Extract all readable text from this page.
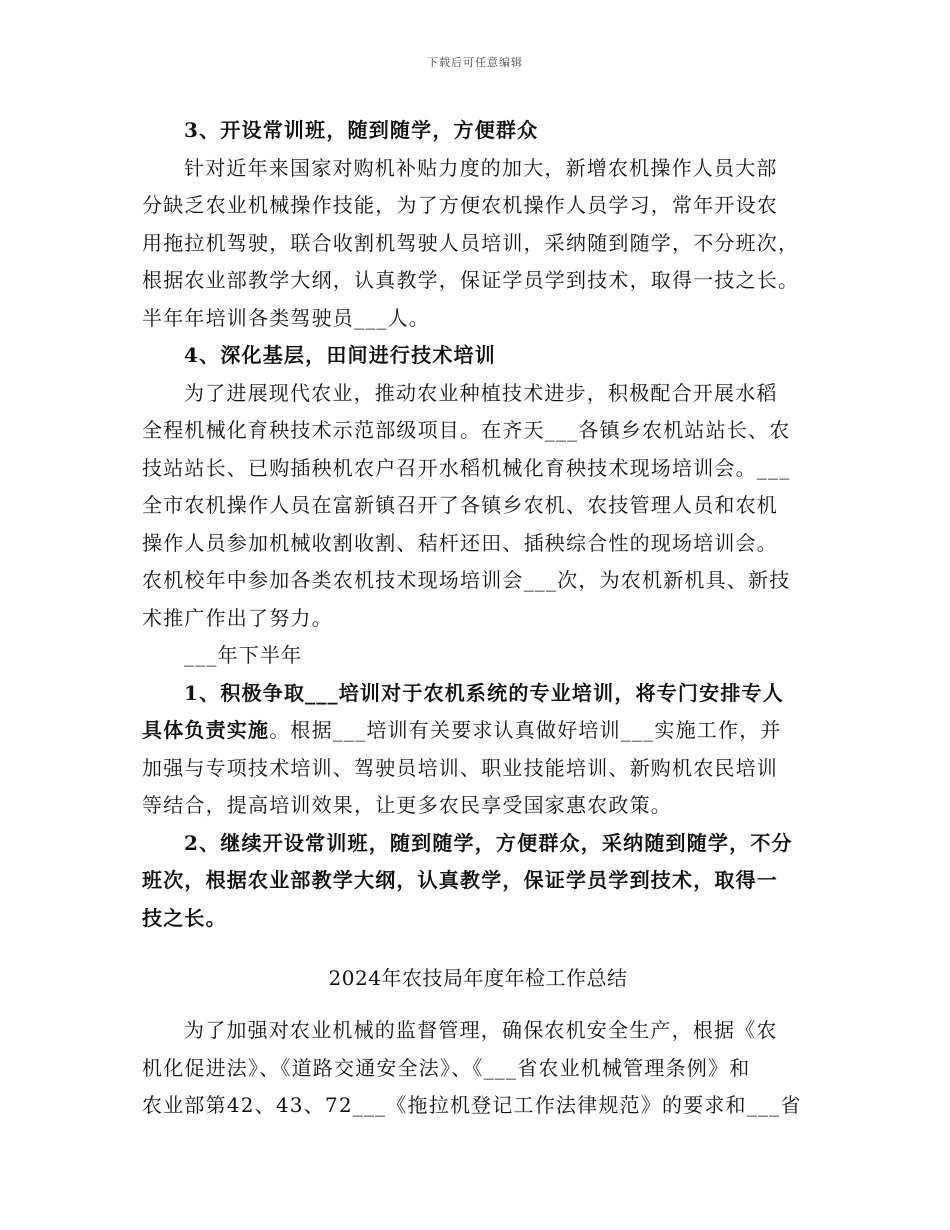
下载后可任意编辑

3、开设常训班，随到随学，方便群众

针对近年来国家对购机补贴力度的加大，新增农机操作人员大部

分缺乏农业机械操作技能，为了方便农机操作人员学习，常年开设农

用拖拉机驾驶，联合收割机驾驶人员培训，采纳随到随学，不分班次，

根据农业部教学大纲，认真教学，保证学员学到技术，取得一技之长。

半年年培训各类驾驶员___人。

4、深化基层，田间进行技术培训

为了进展现代农业，推动农业种植技术进步，积极配合开展水稻

全程机械化育秧技术示范部级项目。在齐天___各镇乡农机站站长、农

技站站长、已购插秧机农户召开水稻机械化育秧技术现场培训会。___

全市农机操作人员在富新镇召开了各镇乡农机、农技管理人员和农机

操作人员参加机械收割收割、秸杆还田、插秧综合性的现场培训会。

农机校年中参加各类农机技术现场培训会___次，为农机新机具、新技

术推广作出了努力。

___年下半年

1、积极争取___培训对于农机系统的专业培训，将专门安排专人

具体负责实施。根据___培训有关要求认真做好培训___实施工作，并

加强与专项技术培训、驾驶员培训、职业技能培训、新购机农民培训

等结合，提高培训效果，让更多农民享受国家惠农政策。

2、继续开设常训班，随到随学，方便群众，采纳随到随学，不分

班次，根据农业部教学大纲，认真教学，保证学员学到技术，取得一

技之长。

2024年农技局年度年检工作总结

为了加强对农业机械的监督管理，确保农机安全生产，根据《农

机化促进法》、《道路交通安全法》、《___省农业机械管理条例》和

农业部第42、43、72___《拖拉机登记工作法律规范》的要求和___省
